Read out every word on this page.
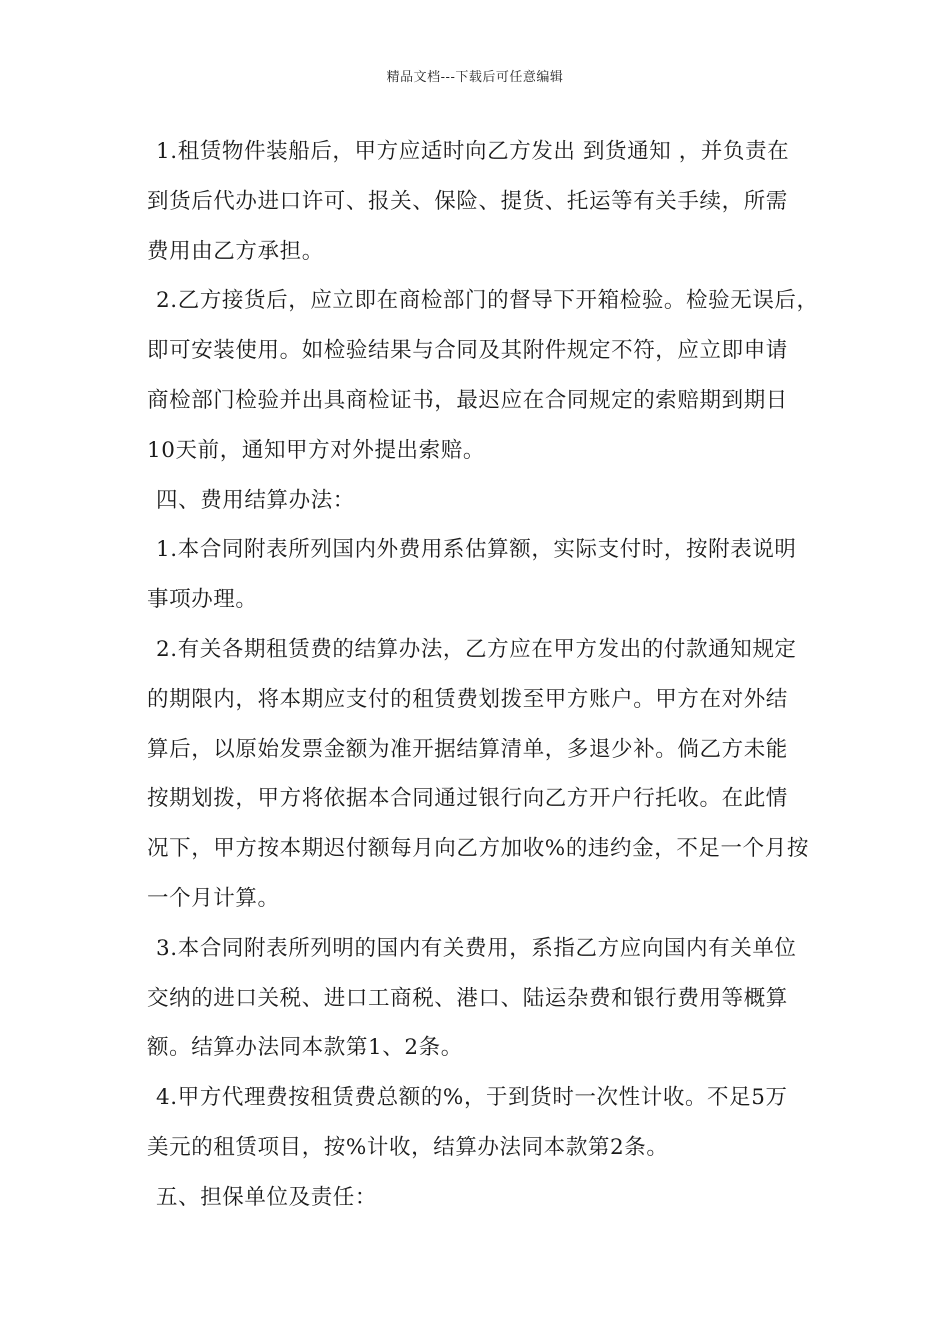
精品文档---下载后可任意编辑
1.租赁物件装船后，甲方应适时向乙方发出 到货通知 ，并负责在
到货后代办进口许可、报关、保险、提货、托运等有关手续，所需
费用由乙方承担。
2.乙方接货后，应立即在商检部门的督导下开箱检验。检验无误后，
即可安装使用。如检验结果与合同及其附件规定不符，应立即申请
商检部门检验并出具商检证书，最迟应在合同规定的索赔期到期日
10天前，通知甲方对外提出索赔。
四、费用结算办法：
1.本合同附表所列国内外费用系估算额，实际支付时，按附表说明
事项办理。
2.有关各期租赁费的结算办法，乙方应在甲方发出的付款通知规定
的期限内，将本期应支付的租赁费划拨至甲方账户。甲方在对外结
算后，以原始发票金额为准开据结算清单，多退少补。倘乙方未能
按期划拨，甲方将依据本合同通过银行向乙方开户行托收。在此情
况下，甲方按本期迟付额每月向乙方加收%的违约金，不足一个月按
一个月计算。
3.本合同附表所列明的国内有关费用，系指乙方应向国内有关单位
交纳的进口关税、进口工商税、港口、陆运杂费和银行费用等概算
额。结算办法同本款第1、2条。
4.甲方代理费按租赁费总额的%，于到货时一次性计收。不足5万
美元的租赁项目，按%计收，结算办法同本款第2条。
五、担保单位及责任：
